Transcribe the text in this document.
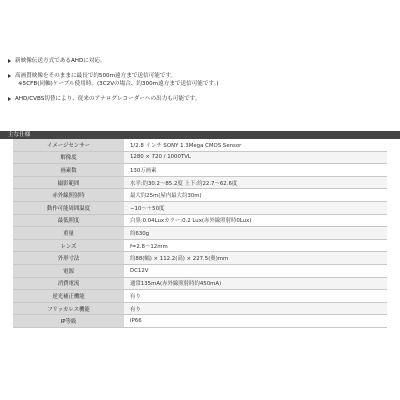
新映像伝送方式であるAHDに対応。
高画質映像をそのままに最長で約500m遠方まで送信可能です。
※5CFB(同軸)ケーブル使用時。(3C2Vの場合、約300m遠方まで送信可能です。)
AHD/CVBS切替により、従来のアナログレコーダーへの出力も可能です。
主な仕様
イメージセンサー	1/2.8 インチ SONY 1.3Mega CMOS Sensor
解像度	1280 × 720 / 1000TVL
画素数	130万画素
撮影範囲	水平:約30.2〜85.2度 上下:約22.7〜62.6度
赤外線照射時	最大約25m(屋内最大約30m)
動作可能周囲温度	−10〜＋50度
最低照度	白黒:0.04Luxカラー:0.2 Lux(赤外線照射時0Lux)
重量	約630g
レンズ	f=2.8〜12mm
外形寸法	約88(幅) × 112.2(高) × 227.5(奥)mm
電源	DC12V
消費電流	通常135mA(赤外線照射時約450mA)
逆光補正機能	有り
フリッカレス機能	有り
IP等級	IP66
